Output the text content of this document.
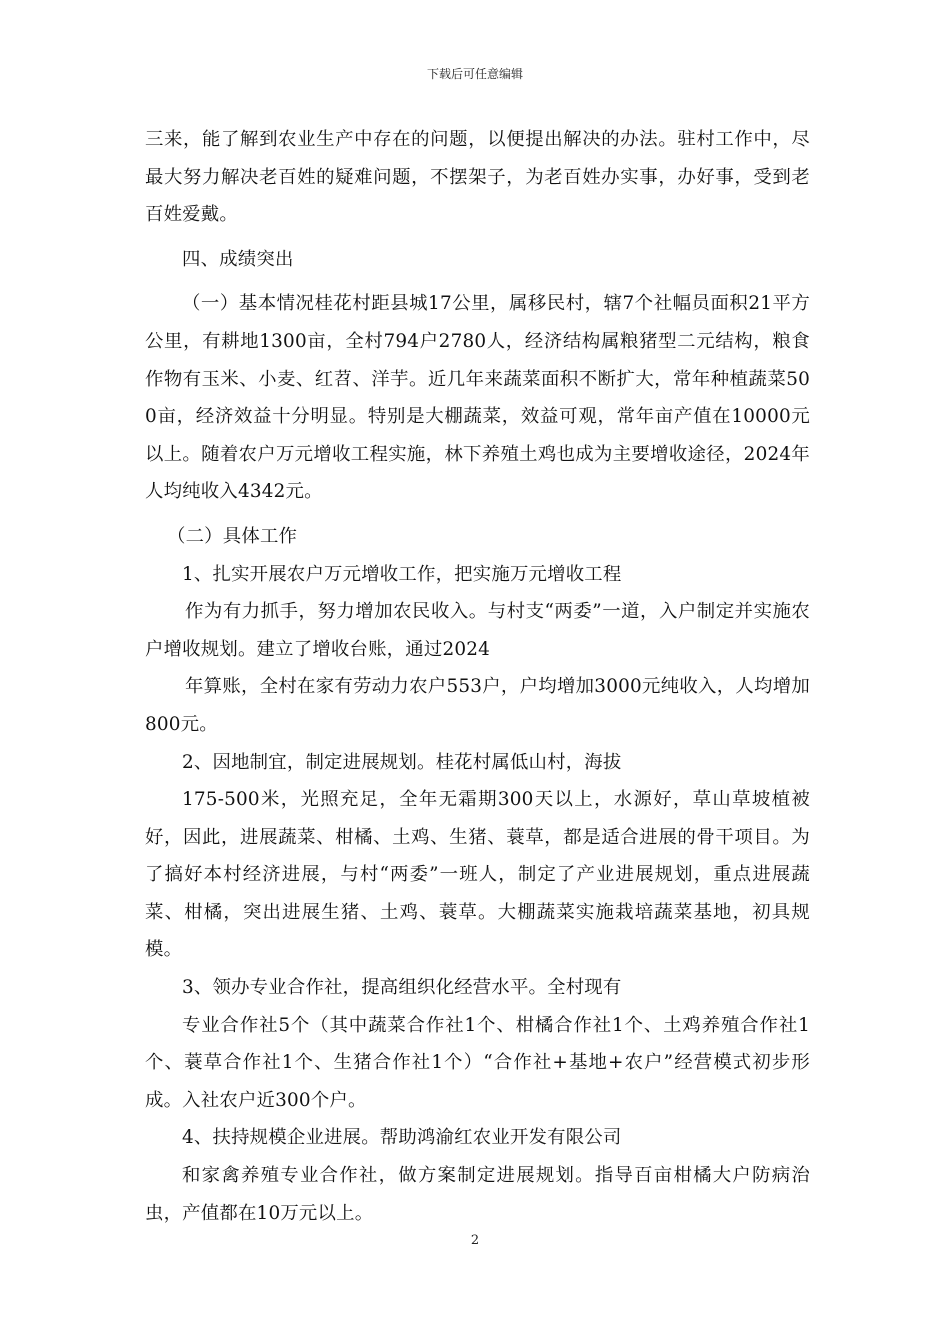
下载后可任意编辑

三来，能了解到农业生产中存在的问题，以便提出解决的办法。驻村工作中，尽最大努力解决老百姓的疑难问题，不摆架子，为老百姓办实事，办好事，受到老百姓爱戴。

四、成绩突出

（一）基本情况桂花村距县城17公里，属移民村，辖7个社幅员面积21平方公里，有耕地1300亩，全村794户2780人，经济结构属粮猪型二元结构，粮食作物有玉米、小麦、红苕、洋芋。近几年来蔬菜面积不断扩大，常年种植蔬菜500亩，经济效益十分明显。特别是大棚蔬菜，效益可观，常年亩产值在10000元以上。随着农户万元增收工程实施，林下养殖土鸡也成为主要增收途径，2024年人均纯收入4342元。

（二）具体工作

1、扎实开展农户万元增收工作，把实施万元增收工程

作为有力抓手，努力增加农民收入。与村支“两委”一道，入户制定并实施农户增收规划。建立了增收台账，通过2024

年算账，全村在家有劳动力农户553户，户均增加3000元纯收入，人均增加800元。

2、因地制宜，制定进展规划。桂花村属低山村，海拔

175-500米，光照充足，全年无霜期300天以上，水源好，草山草坡植被好，因此，进展蔬菜、柑橘、土鸡、生猪、蓑草，都是适合进展的骨干项目。为了搞好本村经济进展，与村“两委”一班人，制定了产业进展规划，重点进展蔬菜、柑橘，突出进展生猪、土鸡、蓑草。大棚蔬菜实施栽培蔬菜基地，初具规模。

3、领办专业合作社，提高组织化经营水平。全村现有

专业合作社5个（其中蔬菜合作社1个、柑橘合作社1个、土鸡养殖合作社1个、蓑草合作社1个、生猪合作社1个）“合作社+基地+农户”经营模式初步形成。入社农户近300个户。

4、扶持规模企业进展。帮助鸿渝红农业开发有限公司

和家禽养殖专业合作社，做方案制定进展规划。指导百亩柑橘大户防病治虫，产值都在10万元以上。

2
